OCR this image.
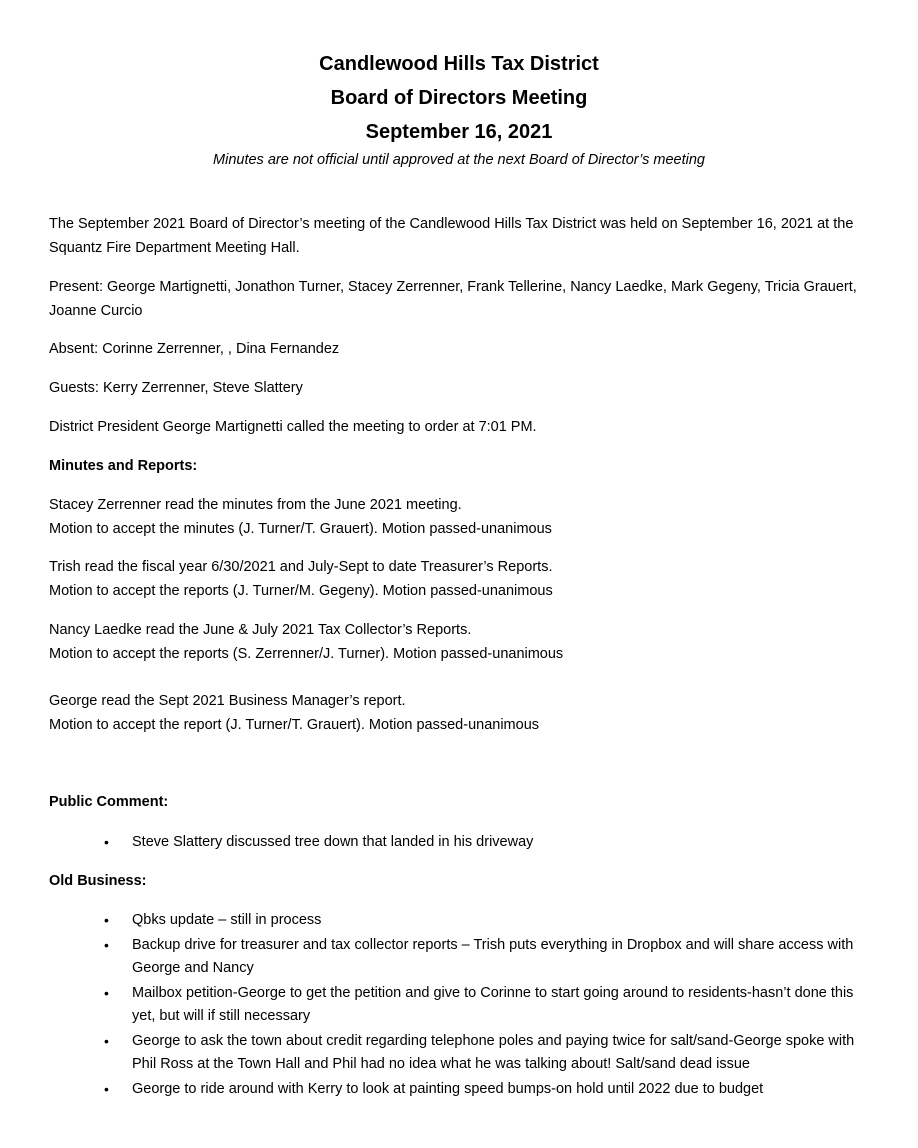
Candlewood Hills Tax District

Board of Directors Meeting

September 16, 2021

Minutes are not official until approved at the next Board of Director’s meeting

The September 2021 Board of Director’s meeting of the Candlewood Hills Tax District was held on September 16, 2021 at the Squantz Fire Department Meeting Hall.

Present: George Martignetti, Jonathon Turner, Stacey Zerrenner, Frank Tellerine, Nancy Laedke, Mark Gegeny, Tricia Grauert, Joanne Curcio

Absent: Corinne Zerrenner, , Dina Fernandez

Guests: Kerry Zerrenner, Steve Slattery

District President George Martignetti called the meeting to order at 7:01 PM.

Minutes and Reports:

Stacey Zerrenner read the minutes from the June 2021 meeting.
Motion to accept the minutes (J. Turner/T. Grauert). Motion passed-unanimous
Trish read the fiscal year 6/30/2021 and July-Sept to date Treasurer’s Reports.
Motion to accept the reports (J. Turner/M. Gegeny). Motion passed-unanimous
Nancy Laedke read the June & July 2021 Tax Collector’s Reports.
Motion to accept the reports (S. Zerrenner/J. Turner). Motion passed-unanimous
George read the Sept 2021 Business Manager’s report.
Motion to accept the report (J. Turner/T. Grauert). Motion passed-unanimous

Public Comment:

• Steve Slattery discussed tree down that landed in his driveway

Old Business:

• Qbks update – still in process
• Backup drive for treasurer and tax collector reports – Trish puts everything in Dropbox and will share access with George and Nancy
• Mailbox petition-George to get the petition and give to Corinne to start going around to residents-hasn’t done this yet, but will if still necessary
• George to ask the town about credit regarding telephone poles and paying twice for salt/sand-George spoke with Phil Ross at the Town Hall and Phil had no idea what he was talking about! Salt/sand dead issue
• George to ride around with Kerry to look at painting speed bumps-on hold until 2022 due to budget
